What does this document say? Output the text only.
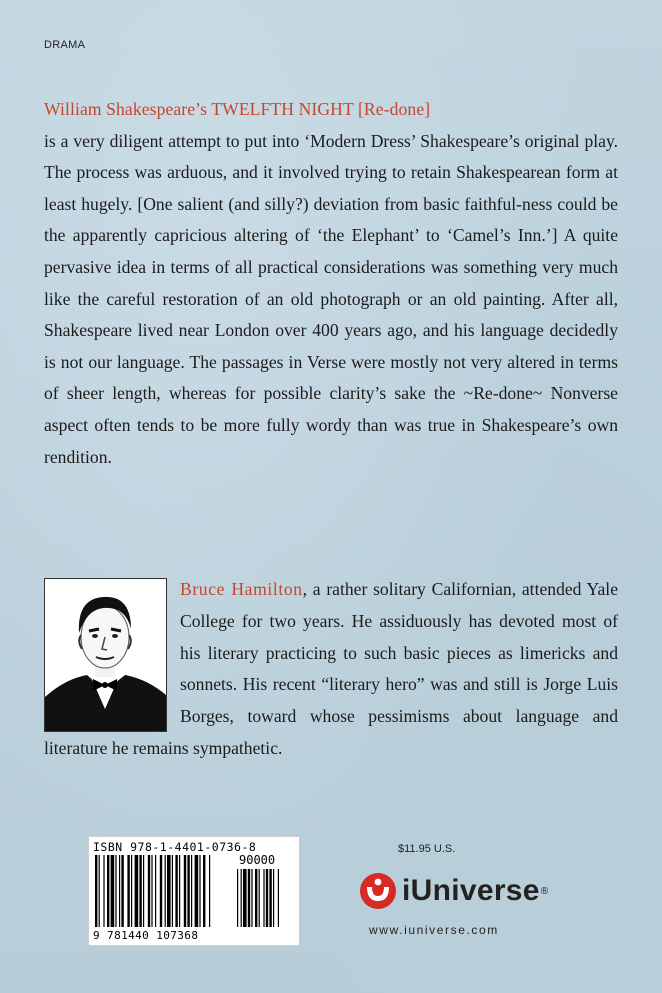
DRAMA
William Shakespeare’s TWELFTH NIGHT [Re-done]
is a very diligent attempt to put into ‘Modern Dress’ Shakespeare’s original play. The process was arduous, and it involved trying to retain Shakespearean form at least hugely. [One salient (and silly?) deviation from basic faithful-ness could be the apparently capricious altering of ‘the Elephant’ to ‘Camel’s Inn.’] A quite pervasive idea in terms of all practical considerations was something very much like the careful restoration of an old photograph or an old painting. After all, Shakespeare lived near London over 400 years ago, and his language decidedly is not our language. The passages in Verse were mostly not very altered in terms of sheer length, whereas for possible clarity’s sake the ~Re-done~ Nonverse aspect often tends to be more fully wordy than was true in Shakespeare’s own rendition.
Bruce Hamilton, a rather solitary Californian, attended Yale College for two years. He assiduously has devoted most of his literary practicing to such basic pieces as limericks and sonnets. His recent “literary hero” was and still is Jorge Luis Borges, toward whose pessimisms about language and literature he remains sympathetic.
$11.95 U.S.
ISBN 978-1-4401-0736-8
90000
9 781440 107368
iUniverse ®
www.iuniverse.com
